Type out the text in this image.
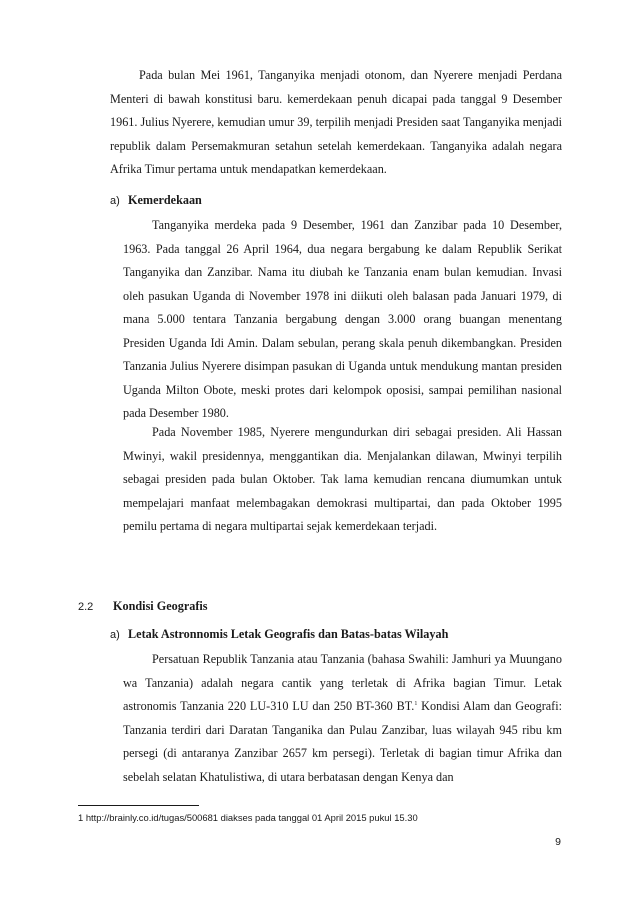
Pada bulan Mei 1961, Tanganyika menjadi otonom, dan Nyerere menjadi Perdana Menteri di bawah konstitusi baru. kemerdekaan penuh dicapai pada tanggal 9 Desember 1961. Julius Nyerere, kemudian umur 39, terpilih menjadi Presiden saat Tanganyika menjadi republik dalam Persemakmuran setahun setelah kemerdekaan. Tanganyika adalah negara Afrika Timur pertama untuk mendapatkan kemerdekaan.

a) Kemerdekaan

Tanganyika merdeka pada 9 Desember, 1961 dan Zanzibar pada 10 Desember, 1963. Pada tanggal 26 April 1964, dua negara bergabung ke dalam Republik Serikat Tanganyika dan Zanzibar. Nama itu diubah ke Tanzania enam bulan kemudian. Invasi oleh pasukan Uganda di November 1978 ini diikuti oleh balasan pada Januari 1979, di mana 5.000 tentara Tanzania bergabung dengan 3.000 orang buangan menentang Presiden Uganda Idi Amin. Dalam sebulan, perang skala penuh dikembangkan. Presiden Tanzania Julius Nyerere disimpan pasukan di Uganda untuk mendukung mantan presiden Uganda Milton Obote, meski protes dari kelompok oposisi, sampai pemilihan nasional pada Desember 1980.

Pada November 1985, Nyerere mengundurkan diri sebagai presiden. Ali Hassan Mwinyi, wakil presidennya, menggantikan dia. Menjalankan dilawan, Mwinyi terpilih sebagai presiden pada bulan Oktober. Tak lama kemudian rencana diumumkan untuk mempelajari manfaat melembagakan demokrasi multipartai, dan pada Oktober 1995 pemilu pertama di negara multipartai sejak kemerdekaan terjadi.

2.2 Kondisi Geografis
a) Letak Astronnomis Letak Geografis dan Batas-batas Wilayah

Persatuan Republik Tanzania atau Tanzania (bahasa Swahili: Jamhuri ya Muungano wa Tanzania) adalah negara cantik yang terletak di Afrika bagian Timur. Letak astronomis Tanzania 220 LU-310 LU dan 250 BT-360 BT.$^1$ Kondisi Alam dan Geografi: Tanzania terdiri dari Daratan Tanganika dan Pulau Zanzibar, luas wilayah 945 ribu km persegi (di antaranya Zanzibar 2657 km persegi). Terletak di bagian timur Afrika dan sebelah selatan Khatulistiwa, di utara berbatasan dengan Kenya dan

1 http://brainly.co.id/tugas/500681 diakses pada tanggal 01 April 2015 pukul 15.30
9
